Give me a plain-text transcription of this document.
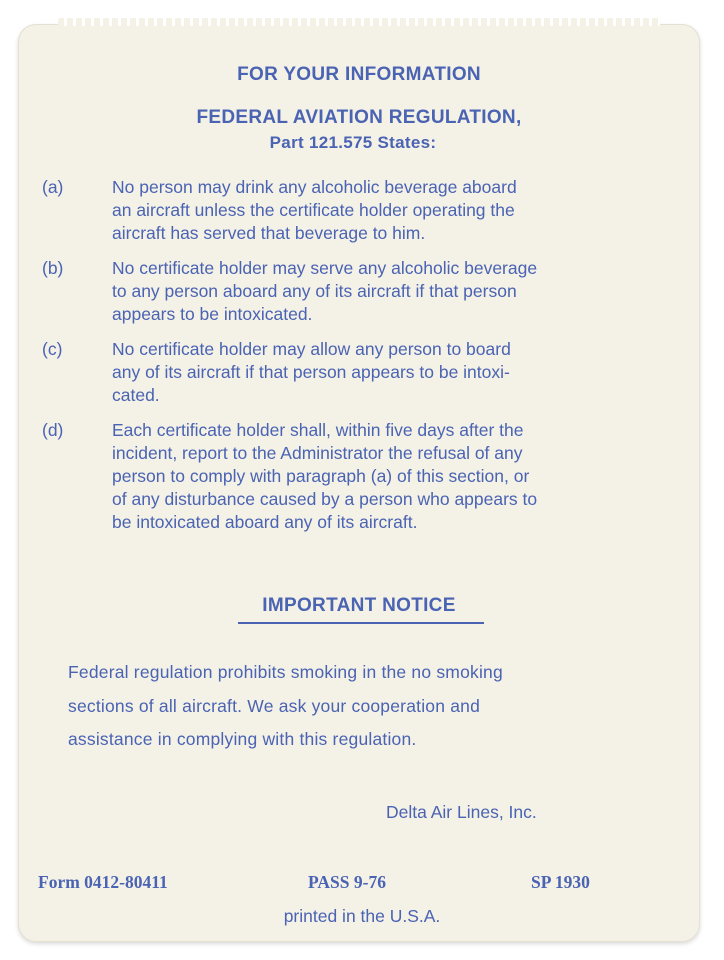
FOR YOUR INFORMATION
FEDERAL AVIATION REGULATION,
Part 121.575 States:
(a)	No person may drink any alcoholic beverage aboard
an aircraft unless the certificate holder operating the
aircraft has served that beverage to him.
(b)	No certificate holder may serve any alcoholic beverage
to any person aboard any of its aircraft if that person
appears to be intoxicated.
(c)	No certificate holder may allow any person to board
any of its aircraft if that person appears to be intoxi-
cated.
(d)	Each certificate holder shall, within five days after the
incident, report to the Administrator the refusal of any
person to comply with paragraph (a) of this section, or
of any disturbance caused by a person who appears to
be intoxicated aboard any of its aircraft.
IMPORTANT NOTICE
Federal regulation prohibits smoking in the no smoking
sections of all aircraft. We ask your cooperation and
assistance in complying with this regulation.
Delta Air Lines, Inc.
Form 0412-80411	PASS 9-76	SP 1930
printed in the U.S.A.
